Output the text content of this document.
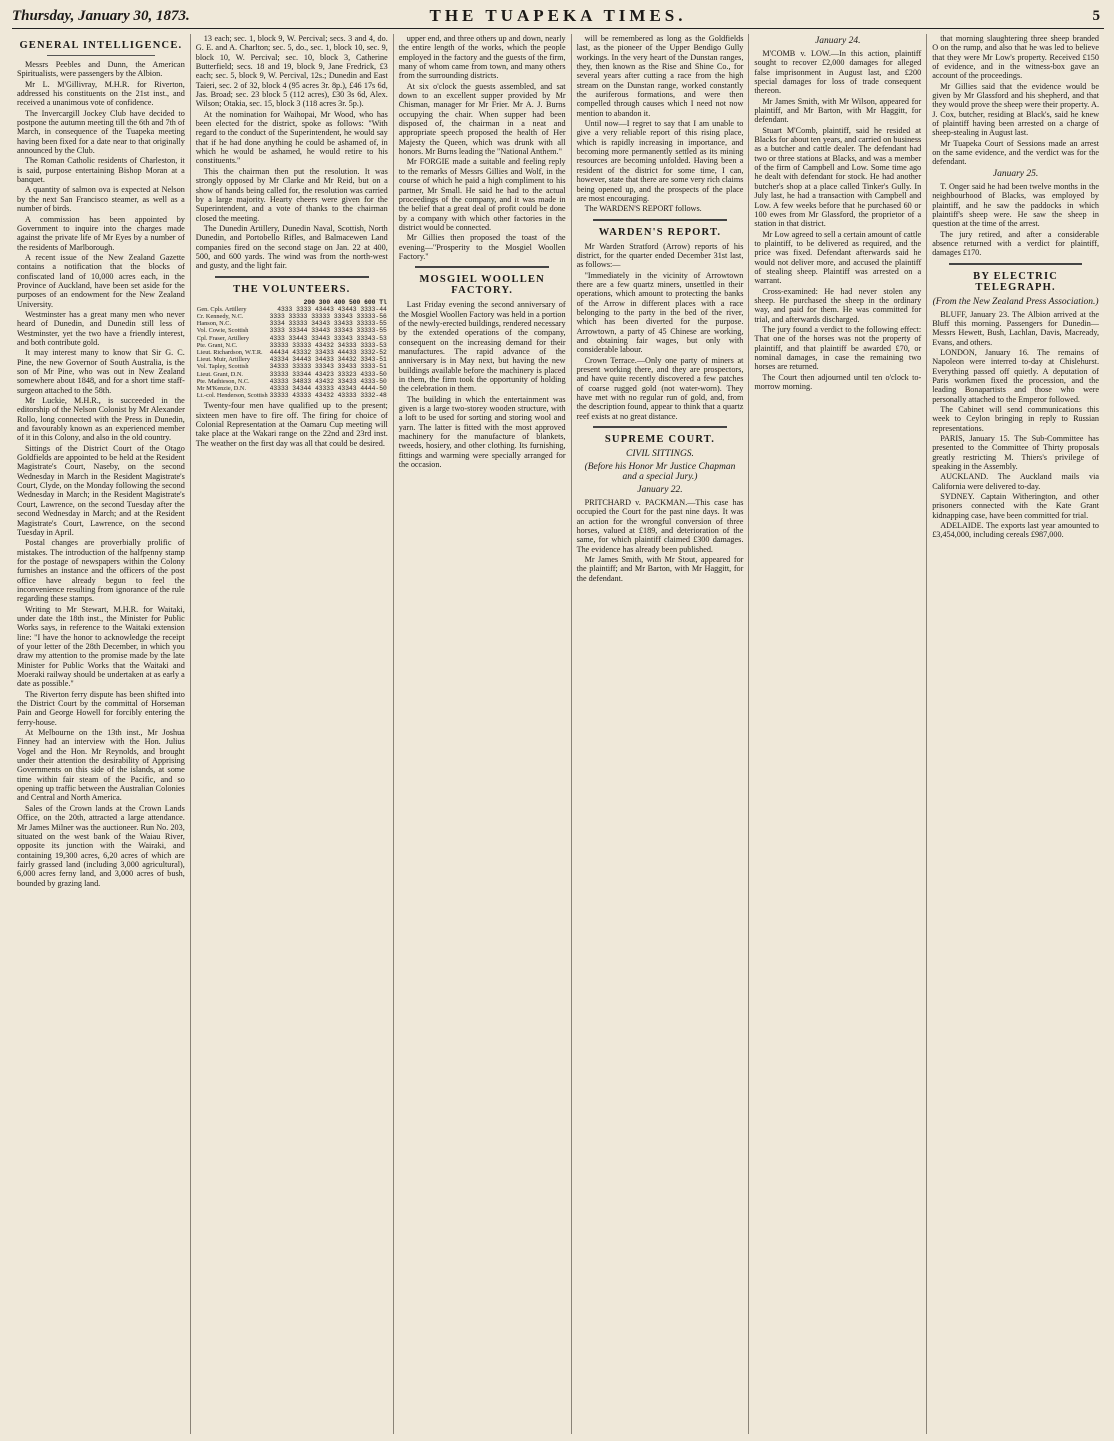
Thursday, January 30, 1873.	THE TUAPEKA TIMES.	5
GENERAL INTELLIGENCE.

Messrs Peebles and Dunn, the American Spiritualists, were passengers by the Albion.

Mr L. M'Gillivray, M.H.R. for Riverton, addressed his constituents on the 21st inst., and received a unanimous vote of confidence.

The Invercargill Jockey Club have decided to postpone the autumn meeting till the 6th and 7th of March, in consequence of the Tuapeka meeting having been fixed for a date near to that originally announced by the Club.

The Roman Catholic residents of Charleston, it is said, purpose entertaining Bishop Moran at a banquet.

A quantity of salmon ova is expected at Nelson by the next San Francisco steamer, as well as a number of birds.

A commission has been appointed by Government to inquire into the charges made against the private life of Mr Eyes by a number of the residents of Marlborough.

A recent issue of the New Zealand Gazette contains a notification that the blocks of confiscated land of 10,000 acres each, in the Province of Auckland, have been set aside for the purposes of an endowment for the New Zealand University.

Westminster has a great many men who never heard of Dunedin, and Dunedin still less of Westminster, yet the two have a friendly interest, and both contribute gold.

It may interest many to know that Sir G. C. Pine, the new Governor of South Australia, is the son of Mr Pine, who was out in New Zealand somewhere about 1848, and for a short time staff-surgeon attached to the 58th.

Mr Luckie, M.H.R., is succeeded in the editorship of the Nelson Colonist by Mr Alexander Rollo, long connected with the Press in Dunedin, and favourably known as an experienced member of it in this Colony, and also in the old country.

Sittings of the District Court of the Otago Goldfields are appointed to be held at the Resident Magistrate's Court, Naseby, on the second Wednesday in March in the Resident Magistrate's Court, Clyde, on the Monday following the second Wednesday in March; in the Resident Magistrate's Court, Lawrence, on the second Tuesday after the second Wednesday in March; and at the Resident Magistrate's Court, Lawrence, on the second Tuesday in April.

Postal changes are proverbially prolific of mistakes. The introduction of the halfpenny stamp for the postage of newspapers within the Colony furnishes an instance and the officers of the post office have already begun to feel the inconvenience resulting from ignorance of the rule regarding these stamps.

Writing to Mr Stewart, M.H.R. for Waitaki, under date the 18th inst., the Minister for Public Works says, in reference to the Waitaki extension line: "I have the honor to acknowledge the receipt of your letter of the 28th December, in which you draw my attention to the promise made by the late Minister for Public Works that the Waitaki and Moeraki railway should be undertaken at as early a date as possible."

The Riverton ferry dispute has been shifted into the District Court by the committal of Horseman Pain and George Howell for forcibly entering the ferry-house.

At Melbourne on the 13th inst., Mr Joshua Finney had an interview with the Hon. Julius Vogel and the Hon. Mr Reynolds, and brought under their attention the desirability of Apprising Governments on this side of the islands, at some time within fair steam of the Pacific, and so opening up traffic between the Australian Colonies and Central and North America.

Sales of the Crown lands at the Crown Lands Office, on the 20th, attracted a large attendance. Mr James Milner was the auctioneer. Run No. 203, situated on the west bank of the Waiau River, opposite its junction with the Wairaki, and containing 19,300 acres, 6,20 acres of which are fairly grassed land (including 3,000 agricultural), 6,000 acres ferny land, and 3,000 acres of bush, bounded by grazing land.

13 each; sec. 1, block 9, W. Percival; secs. 3 and 4, do. G. E. and A. Charlton; sec. 5, do., sec. 1, block 10, sec. 9, block 10, W. Percival; sec. 10, block 3, Catherine Butterfield; secs. 18 and 19, block 9, Jane Fredrick, £3 each; sec. 5, block 9, W. Percival, 12s.; Dunedin and East Taieri, sec. 2 of 32, block 4 (95 acres 3r. 8p.), £46 17s 6d, Jas. Broad; sec. 23 block 5 (112 acres), £30 3s 6d, Alex. Wilson; Otakia, sec. 15, block 3 (118 acres 3r. 5p.).

At the nomination for Waihopai, Mr Wood, who has been elected for the district, spoke as follows: "With regard to the conduct of the Superintendent, he would say that if he had done anything he could be ashamed of, in which he would be ashamed, he would retire to his constituents."

This the chairman then put the resolution. It was strongly opposed by Mr Clarke and Mr Reid, but on a show of hands being called for, the resolution was carried by a large majority. Hearty cheers were given for the Superintendent, and a vote of thanks to the chairman closed the meeting.

The Dunedin Artillery, Dunedin Naval, Scottish, North Dunedin, and Portobello Rifles, and Balmacewen Land companies fired on the second stage on Jan. 22 at 400, 500, and 600 yards. The wind was from the north-west and gusty, and the light fair.

THE VOLUNTEERS.
	200 300 400 500 600 Tl
Gen. Cpls. Artillery	4333 3333 43443 43443 3333-44
Cr. Kennedy, N.C.	3333 33333 33333 33343 33333-56
Hanson, N.C.	3334 33333 34343 33433 33333-55
Vol. Cowie, Scottish	3333 33344 33443 33343 33333-55
Cpl. Fraser, Artillery	4333 33443 33443 33343 33343-53
Pte. Grant, N.C.	33333 33333 43432 34333 3333-53
Lieut. Richardson, W.T.R.	44434 43332 33433 44433 3332-52
Lieut. Muir, Artillery	43334 34443 34433 34432 3343-51
Vol. Tapley, Scottish	34333 33333 33343 33433 3333-51
Lieut. Grant, D.N.	33333 33344 43423 33323 4333-50
Pte. Mathieson, N.C.	43333 34833 43432 33433 4333-50
Mr M'Kenzie, D.N.	43333 34344 43333 43343 4444-50
Lt.-col. Henderson, Scottish	33333 43333 43432 43333 3332-48

Twenty-four men have qualified up to the present; sixteen men have to fire off. The firing for choice of Colonial Representation at the Oamaru Cup meeting will take place at the Wakari range on the 22nd and 23rd inst. The weather on the first day was all that could be desired.

upper end, and three others up and down, nearly the entire length of the works, which the people employed in the factory and the guests of the firm, many of whom came from town, and many others from the surrounding districts.

At six o'clock the guests assembled, and sat down to an excellent supper provided by Mr Chisman, manager for Mr Frier. Mr A. J. Burns occupying the chair. When supper had been disposed of, the chairman in a neat and appropriate speech proposed the health of Her Majesty the Queen, which was drunk with all honors. Mr Burns leading the "National Anthem."

Mr FORGIE made a suitable and feeling reply to the remarks of Messrs Gillies and Wolf, in the course of which he paid a high compliment to his partner, Mr Small. He said he had to the actual proceedings of the company, and it was made in the belief that a great deal of profit could be done by a company with which other factories in the district would be connected.

Mr Gillies then proposed the toast of the evening—"Prosperity to the Mosgiel Woollen Factory."

MOSGIEL WOOLLEN FACTORY.

Last Friday evening the second anniversary of the Mosgiel Woollen Factory was held in a portion of the newly-erected buildings, rendered necessary by the extended operations of the company, consequent on the increasing demand for their manufactures. The rapid advance of the anniversary is in May next, but having the new buildings available before the machinery is placed in them, the firm took the opportunity of holding the celebration in them.

The building in which the entertainment was given is a large two-storey wooden structure, with a loft to be used for sorting and storing wool and yarn. The latter is fitted with the most approved machinery for the manufacture of blankets, tweeds, hosiery, and other clothing. Its furnishing, fittings and warming were specially arranged for the occasion.

will be remembered as long as the Goldfields last, as the pioneer of the Upper Bendigo Gully workings. In the very heart of the Dunstan ranges, they, then known as the Rise and Shine Co., for several years after cutting a race from the high stream on the Dunstan range, worked constantly the auriferous formations, and were then compelled through causes which I need not now mention to abandon it.

Until now—I regret to say that I am unable to give a very reliable report of this rising place, which is rapidly increasing in importance, and becoming more permanently settled as its mining resources are becoming unfolded. Having been a resident of the district for some time, I can, however, state that there are some very rich claims being opened up, and the prospects of the place are most encouraging.

The WARDEN'S REPORT follows.

WARDEN'S REPORT.

Mr Warden Stratford (Arrow) reports of his district, for the quarter ended December 31st last, as follows:—

"Immediately in the vicinity of Arrowtown there are a few quartz miners, unsettled in their operations, which amount to protecting the banks of the Arrow in different places with a race belonging to the party in the bed of the river, which has been diverted for the purpose. Arrowtown, a party of 45 Chinese are working, and obtaining fair wages, but only with considerable labour.

Crown Terrace.—Only one party of miners at present working there, and they are prospectors, and have quite recently discovered a few patches of coarse rugged gold (not water-worn). They have met with no regular run of gold, and, from the description found, appear to think that a quartz reef exists at no great distance.

SUPREME COURT.
CIVIL SITTINGS.
(Before his Honor Mr Justice Chapman and a special Jury.)
January 22.

PRITCHARD v. PACKMAN.—This case has occupied the Court for the past nine days. It was an action for the wrongful conversion of three horses, valued at £189, and deterioration of the same, for which plaintiff claimed £300 damages. The evidence has already been published.

Mr James Smith, with Mr Stout, appeared for the plaintiff; and Mr Barton, with Mr Haggitt, for the defendant.

January 24.

M'COMB v. LOW.—In this action, plaintiff sought to recover £2,000 damages for alleged false imprisonment in August last, and £200 special damages for loss of trade consequent thereon.

Mr James Smith, with Mr Wilson, appeared for plaintiff, and Mr Barton, with Mr Haggitt, for defendant.

Stuart M'Comb, plaintiff, said he resided at Blacks for about ten years, and carried on business as a butcher and cattle dealer. The defendant had two or three stations at Blacks, and was a member of the firm of Campbell and Low. Some time ago he dealt with defendant for stock. He had another butcher's shop at a place called Tinker's Gully. In July last, he had a transaction with Campbell and Low. A few weeks before that he purchased 60 or 100 ewes from Mr Glassford, the proprietor of a station in that district.

Mr Low agreed to sell a certain amount of cattle to plaintiff, to be delivered as required, and the price was fixed. Defendant afterwards said he would not deliver more, and accused the plaintiff of stealing sheep. Plaintiff was arrested on a warrant.

Cross-examined: He had never stolen any sheep. He purchased the sheep in the ordinary way, and paid for them. He was committed for trial, and afterwards discharged.

The jury found a verdict to the following effect: That one of the horses was not the property of plaintiff, and that plaintiff be awarded £70, or nominal damages, in case the remaining two horses are returned.

The Court then adjourned until ten o'clock to-morrow morning.

that morning slaughtering three sheep branded O on the rump, and also that he was led to believe that they were Mr Low's property. Received £150 of evidence, and in the witness-box gave an account of the proceedings.

Mr Gillies said that the evidence would be given by Mr Glassford and his shepherd, and that they would prove the sheep were their property. A. J. Cox, butcher, residing at Black's, said he knew of plaintiff having been arrested on a charge of sheep-stealing in August last.

Mr Tuapeka Court of Sessions made an arrest on the same evidence, and the verdict was for the defendant.

January 25.

T. Onger said he had been twelve months in the neighbourhood of Blacks, was employed by plaintiff, and he saw the paddocks in which plaintiff's sheep were. He saw the sheep in question at the time of the arrest.

The jury retired, and after a considerable absence returned with a verdict for plaintiff, damages £170.

BY ELECTRIC TELEGRAPH.
(From the New Zealand Press Association.)

BLUFF, January 23. The Albion arrived at the Bluff this morning. Passengers for Dunedin—Messrs Hewett, Bush, Lachlan, Davis, Macready, Evans, and others.

LONDON, January 16. The remains of Napoleon were interred to-day at Chislehurst. Everything passed off quietly. A deputation of Paris workmen fixed the procession, and the leading Bonapartists and those who were personally attached to the Emperor followed.

The Cabinet will send communications this week to Ceylon bringing in reply to Russian representations.

PARIS, January 15. The Sub-Committee has presented to the Committee of Thirty proposals greatly restricting M. Thiers's privilege of speaking in the Assembly.

AUCKLAND. The Auckland mails via California were delivered to-day.

SYDNEY. Captain Witherington, and other prisoners connected with the Kate Grant kidnapping case, have been committed for trial.

ADELAIDE. The exports last year amounted to £3,454,000, including cereals £987,000.
